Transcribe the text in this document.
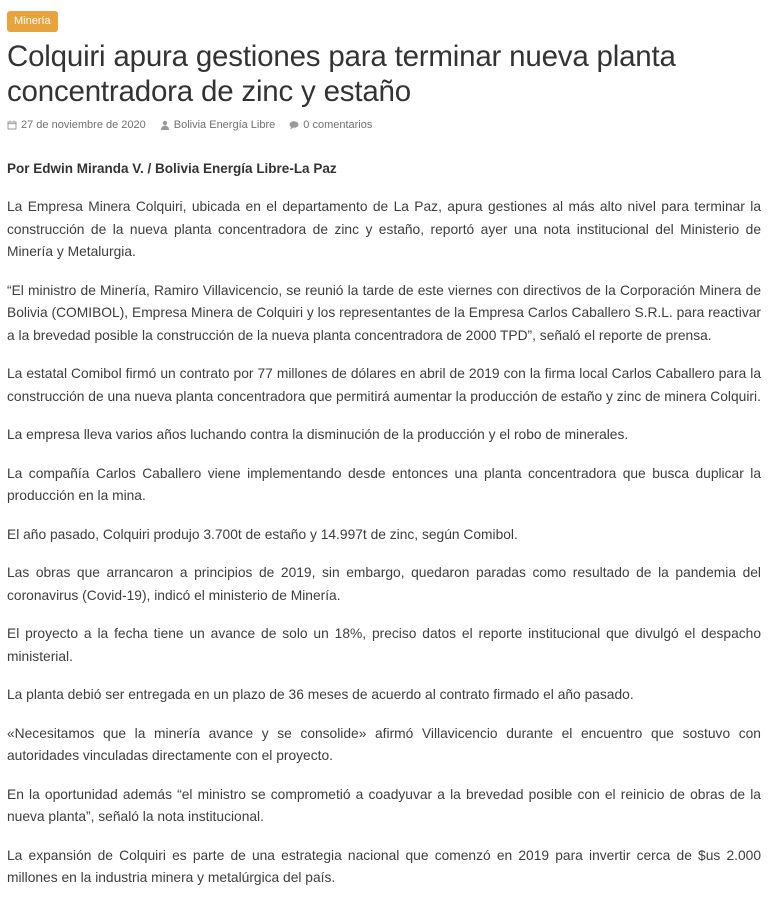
Minería
Colquiri apura gestiones para terminar nueva planta concentradora de zinc y estaño
27 de noviembre de 2020	Bolivia Energía Libre	0 comentarios

Por Edwin Miranda V. / Bolivia Energía Libre-La Paz

La Empresa Minera Colquiri, ubicada en el departamento de La Paz, apura gestiones al más alto nivel para terminar la construcción de la nueva planta concentradora de zinc y estaño, reportó ayer una nota institucional del Ministerio de Minería y Metalurgia.

“El ministro de Minería, Ramiro Villavicencio, se reunió la tarde de este viernes con directivos de la Corporación Minera de Bolivia (COMIBOL), Empresa Minera de Colquiri y los representantes de la Empresa Carlos Caballero S.R.L. para reactivar a la brevedad posible la construcción de la nueva planta concentradora de 2000 TPD”, señaló el reporte de prensa.

La estatal Comibol firmó un contrato por 77 millones de dólares en abril de 2019 con la firma local Carlos Caballero para la construcción de una nueva planta concentradora que permitirá aumentar la producción de estaño y zinc de minera Colquiri.

La empresa lleva varios años luchando contra la disminución de la producción y el robo de minerales.

La compañía Carlos Caballero viene implementando desde entonces una planta concentradora que busca duplicar la producción en la mina.

El año pasado, Colquiri produjo 3.700t de estaño y 14.997t de zinc, según Comibol.

Las obras que arrancaron a principios de 2019, sin embargo, quedaron paradas como resultado de la pandemia del coronavirus (Covid-19), indicó el ministerio de Minería.

El proyecto a la fecha tiene un avance de solo un 18%, preciso datos el reporte institucional que divulgó el despacho ministerial.

La planta debió ser entregada en un plazo de 36 meses de acuerdo al contrato firmado el año pasado.

«Necesitamos que la minería avance y se consolide» afirmó Villavicencio durante el encuentro que sostuvo con autoridades vinculadas directamente con el proyecto.

En la oportunidad además “el ministro se comprometió a coadyuvar a la brevedad posible con el reinicio de obras de la nueva planta”, señaló la nota institucional.

La expansión de Colquiri es parte de una estrategia nacional que comenzó en 2019 para invertir cerca de $us 2.000 millones en la industria minera y metalúrgica del país.
